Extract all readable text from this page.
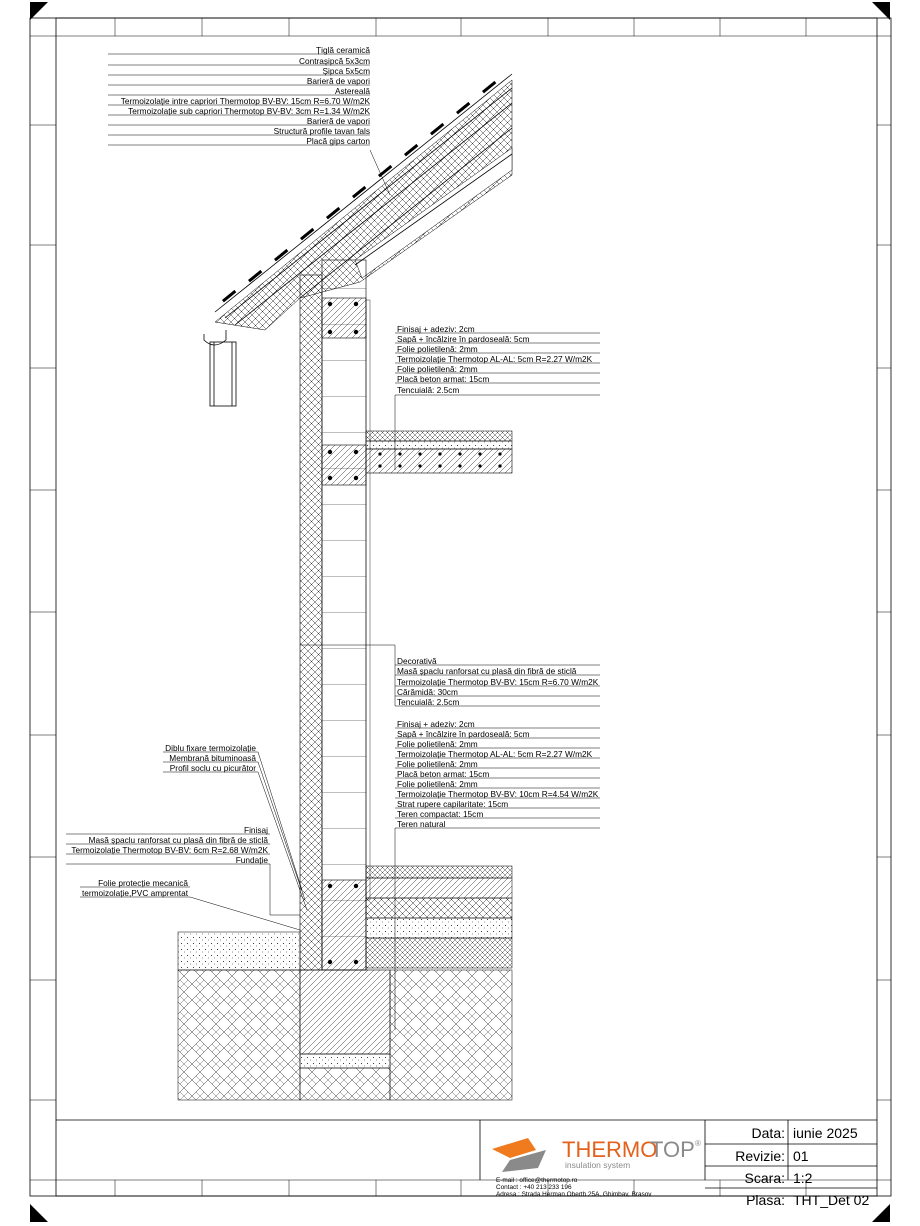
Țiglă ceramică
Contrașipcă 5x3cm
Șipca 5x5cm
Barieră de vapori
Asterealǎ
Termoizolație intre capriori Thermotop BV-BV: 15cm R=6.70 W/m2K
Termoizolație sub capriori Thermotop BV-BV: 3cm R=1.34 W/m2K
Barieră de vapori
Structură profile tavan fals
Placă gips carton
Finisaj + adeziv: 2cm
Sapă + încălzire în pardoseală: 5cm
Folie polietilenă: 2mm
Termoizolație Thermotop AL-AL: 5cm R=2.27 W/m2K
Folie polietilenă: 2mm
Placă beton armat: 15cm
Tencuială: 2.5cm
Decorativă
Masă șpaclu ranforsat cu plasă din fibră de sticlă
Termoizolație Thermotop BV-BV: 15cm R=6.70 W/m2K
Cărămidă: 30cm
Tencuială: 2.5cm
Finisaj + adeziv: 2cm
Sapă + încălzire în pardoseală: 5cm
Folie polietilenă: 2mm
Termoizolație Thermotop AL-AL: 5cm R=2.27 W/m2K
Folie polietilenă: 2mm
Placă beton armat: 15cm
Folie polietilenă: 2mm
Termoizolație Thermotop BV-BV: 10cm R=4.54 W/m2K
Strat rupere capilaritate: 15cm
Teren compactat: 15cm
Teren natural
Diblu fixare termoizolație
Membrană bituminoasă
Profil soclu cu picurător
Finisaj
Masă șpaclu ranforsat cu plasă din fibră de sticlă
Termoizolație Thermotop BV-BV: 6cm R=2.68 W/m2K
Fundație
Folie protecție mecanică
termoizolație,PVC amprentat
THERMO
TOP ®
insulation system
E-mail : office@thermotop.ro
Contact : +40 213 233 196
Adresa : Strada Herman Oberth 25A, Ghimbav, Brasov
Data: iunie 2025
Revizie: 01
Scara: 1:2
Plasa: THT_Det 02
